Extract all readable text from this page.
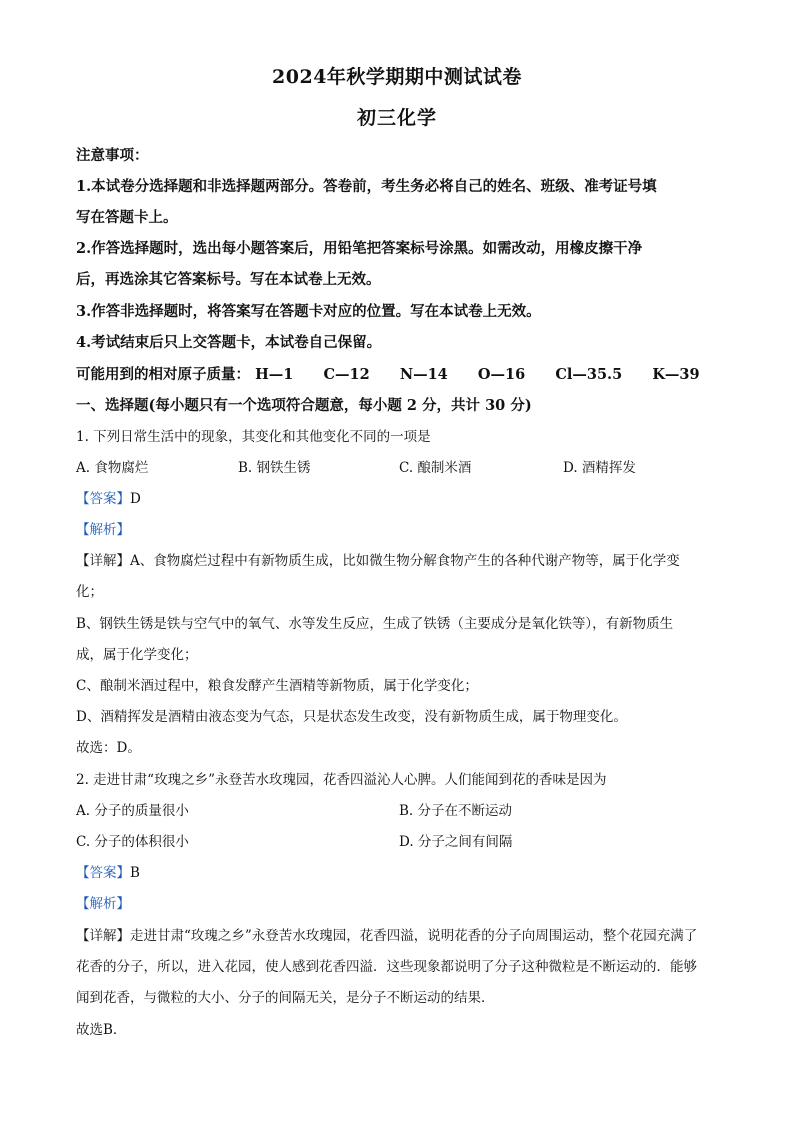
2024年秋学期期中测试试卷
初三化学
注意事项：
1.本试卷分选择题和非选择题两部分。答卷前，考生务必将自己的姓名、班级、准考证号填
写在答题卡上。
2.作答选择题时，选出每小题答案后，用铅笔把答案标号涂黑。如需改动，用橡皮擦干净
后，再选涂其它答案标号。写在本试卷上无效。
3.作答非选择题时，将答案写在答题卡对应的位置。写在本试卷上无效。
4.考试结束后只上交答题卡，本试卷自己保留。
可能用到的相对原子质量： H—1 C—12 N—14 O—16 Cl—35.5 K—39
一、选择题(每小题只有一个选项符合题意，每小题 2 分，共计 30 分)
1. 下列日常生活中的现象，其变化和其他变化不同的一项是
A. 食物腐烂	B. 钢铁生锈	C. 酿制米酒	D. 酒精挥发
【答案】D
【解析】
【详解】A、食物腐烂过程中有新物质生成，比如微生物分解食物产生的各种代谢产物等，属于化学变
化；
B、钢铁生锈是铁与空气中的氧气、水等发生反应，生成了铁锈（主要成分是氧化铁等），有新物质生
成，属于化学变化；
C、酿制米酒过程中，粮食发酵产生酒精等新物质，属于化学变化；
D、酒精挥发是酒精由液态变为气态，只是状态发生改变，没有新物质生成，属于物理变化。
故选：D。
2. 走进甘肃“玫瑰之乡”永登苦水玫瑰园，花香四溢沁人心脾。人们能闻到花的香味是因为
A. 分子的质量很小	B. 分子在不断运动
C. 分子的体积很小	D. 分子之间有间隔
【答案】B
【解析】
【详解】走进甘肃“玫瑰之乡”永登苦水玫瑰园，花香四溢，说明花香的分子向周围运动，整个花园充满了
花香的分子，所以，进入花园，使人感到花香四溢．这些现象都说明了分子这种微粒是不断运动的．能够
闻到花香，与微粒的大小、分子的间隔无关，是分子不断运动的结果．
故选B．
